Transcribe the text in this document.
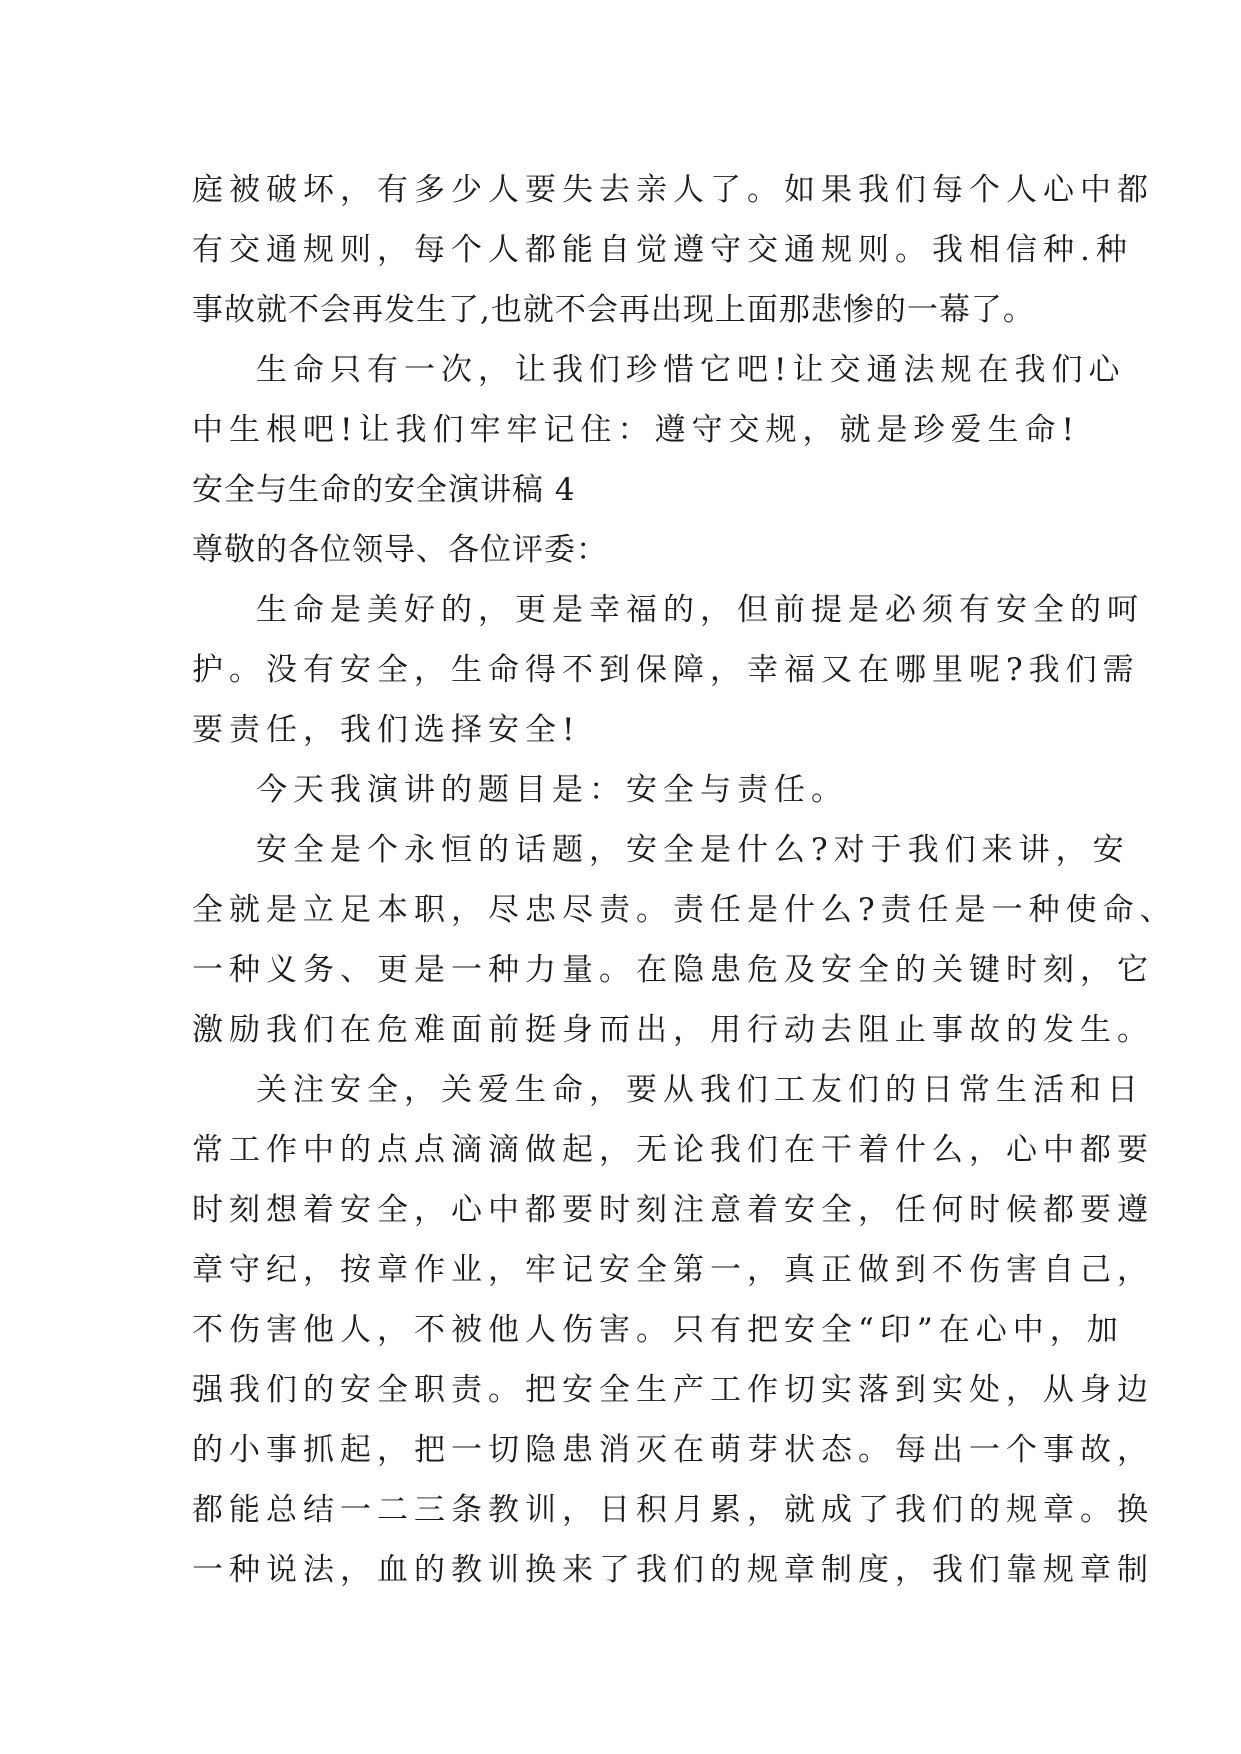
庭被破坏，有多少人要失去亲人了。如果我们每个人心中都
有交通规则，每个人都能自觉遵守交通规则。我相信种.种
事故就不会再发生了,也就不会再出现上面那悲惨的一幕了。
生命只有一次，让我们珍惜它吧!让交通法规在我们心
中生根吧!让我们牢牢记住：遵守交规，就是珍爱生命!
安全与生命的安全演讲稿 4
尊敬的各位领导、各位评委：
生命是美好的，更是幸福的，但前提是必须有安全的呵
护。没有安全，生命得不到保障，幸福又在哪里呢?我们需
要责任，我们选择安全!
今天我演讲的题目是：安全与责任。
安全是个永恒的话题，安全是什么?对于我们来讲，安
全就是立足本职，尽忠尽责。责任是什么?责任是一种使命、
一种义务、更是一种力量。在隐患危及安全的关键时刻，它
激励我们在危难面前挺身而出，用行动去阻止事故的发生。
关注安全，关爱生命，要从我们工友们的日常生活和日
常工作中的点点滴滴做起，无论我们在干着什么，心中都要
时刻想着安全，心中都要时刻注意着安全，任何时候都要遵
章守纪，按章作业，牢记安全第一，真正做到不伤害自己，
不伤害他人，不被他人伤害。只有把安全“印”在心中，加
强我们的安全职责。把安全生产工作切实落到实处，从身边
的小事抓起，把一切隐患消灭在萌芽状态。每出一个事故，
都能总结一二三条教训，日积月累，就成了我们的规章。换
一种说法，血的教训换来了我们的规章制度，我们靠规章制
